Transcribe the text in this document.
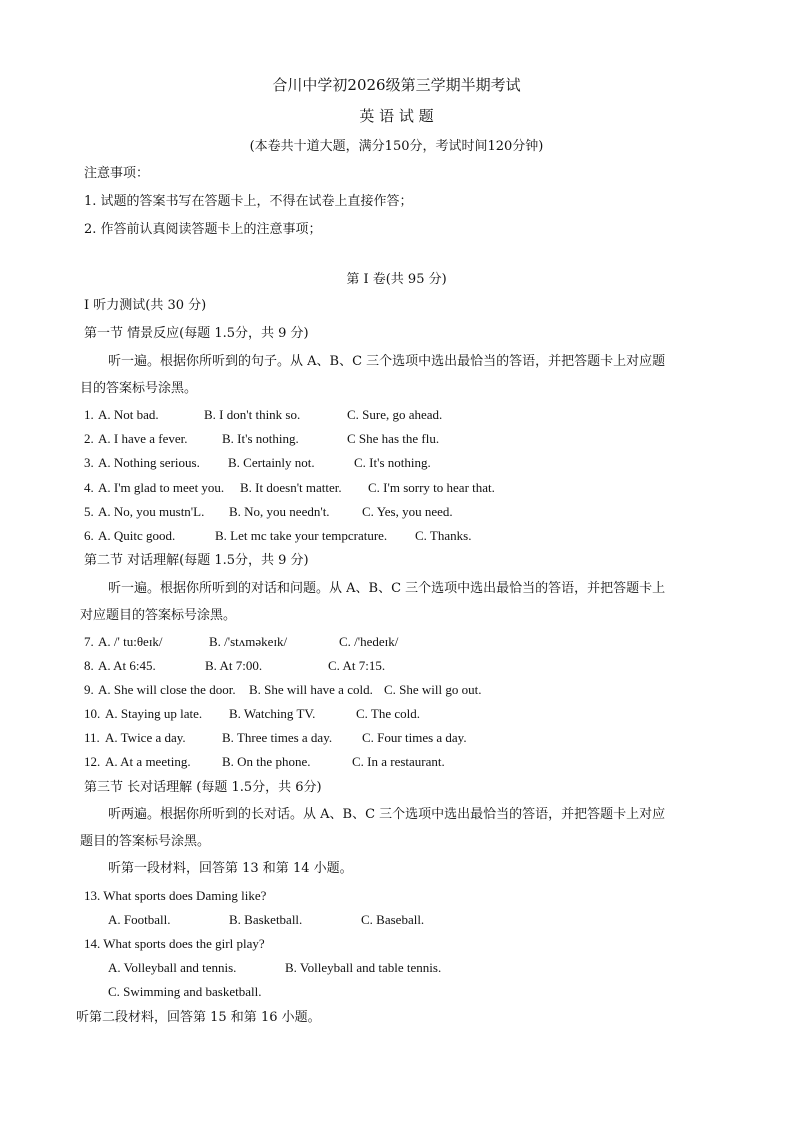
合川中学初2026级第三学期半期考试
英 语 试 题
(本卷共十道大题，满分150分，考试时间120分钟)
注意事项：
1. 试题的答案书写在答题卡上，不得在试卷上直接作答；
2. 作答前认真阅读答题卡上的注意事项；
第 Ⅰ 卷(共 95 分)
Ⅰ 听力测试(共 30 分)
第一节 情景反应(每题 1.5分，共 9 分)
听一遍。根据你所听到的句子。从 A、B、C 三个选项中选出最恰当的答语，并把答题卡上对应题
目的答案标号涂黑。
1. A. Not bad.	B. I don't think so.	C. Sure, go ahead.
2. A. I have a fever.	B. It's nothing.	C She has the flu.
3. A. Nothing serious. B. Certainly not.	C. It's nothing.
4. A. I'm glad to meet you. B. It doesn't matter. C. I'm sorry to hear that.
5. A. No, you mustn'L. B. No, you needn't. C. Yes, you need.
6. A. Quitc good.	B. Let mc take your tempcrature. C. Thanks.
第二节 对话理解(每题 1.5分，共 9 分)
听一遍。根据你所听到的对话和问题。从 A、B、C 三个选项中选出最恰当的答语，并把答题卡上
对应题目的答案标号涂黑。
7. A. /' tu:θeɪk/	B. /'stʌməkeɪk/	C. /'hedeɪk/
8. A. At 6:45.	B. At 7:00.	C. At 7:15.
9. A. She will close the door. B. She will have a cold. C. She will go out.
10. A. Staying up late. B. Watching TV.	C. The cold.
11. A. Twice a day.	B. Three times a day. C. Four times a day.
12. A. At a meeting. B. On the phone.	C. In a restaurant.
第三节 长对话理解 (每题 1.5分，共 6分)
听两遍。根据你所听到的长对话。从 A、B、C 三个选项中选出最恰当的答语，并把答题卡上对应
题目的答案标号涂黑。
听第一段材料，回答第 13 和第 14 小题。
13. What sports does Daming like?
A. Football.	B. Basketball.	C. Baseball.
14. What sports does the girl play?
A. Volleyball and tennis.	B. Volleyball and table tennis.
C. Swimming and basketball.
听第二段材料，回答第 15 和第 16 小题。
